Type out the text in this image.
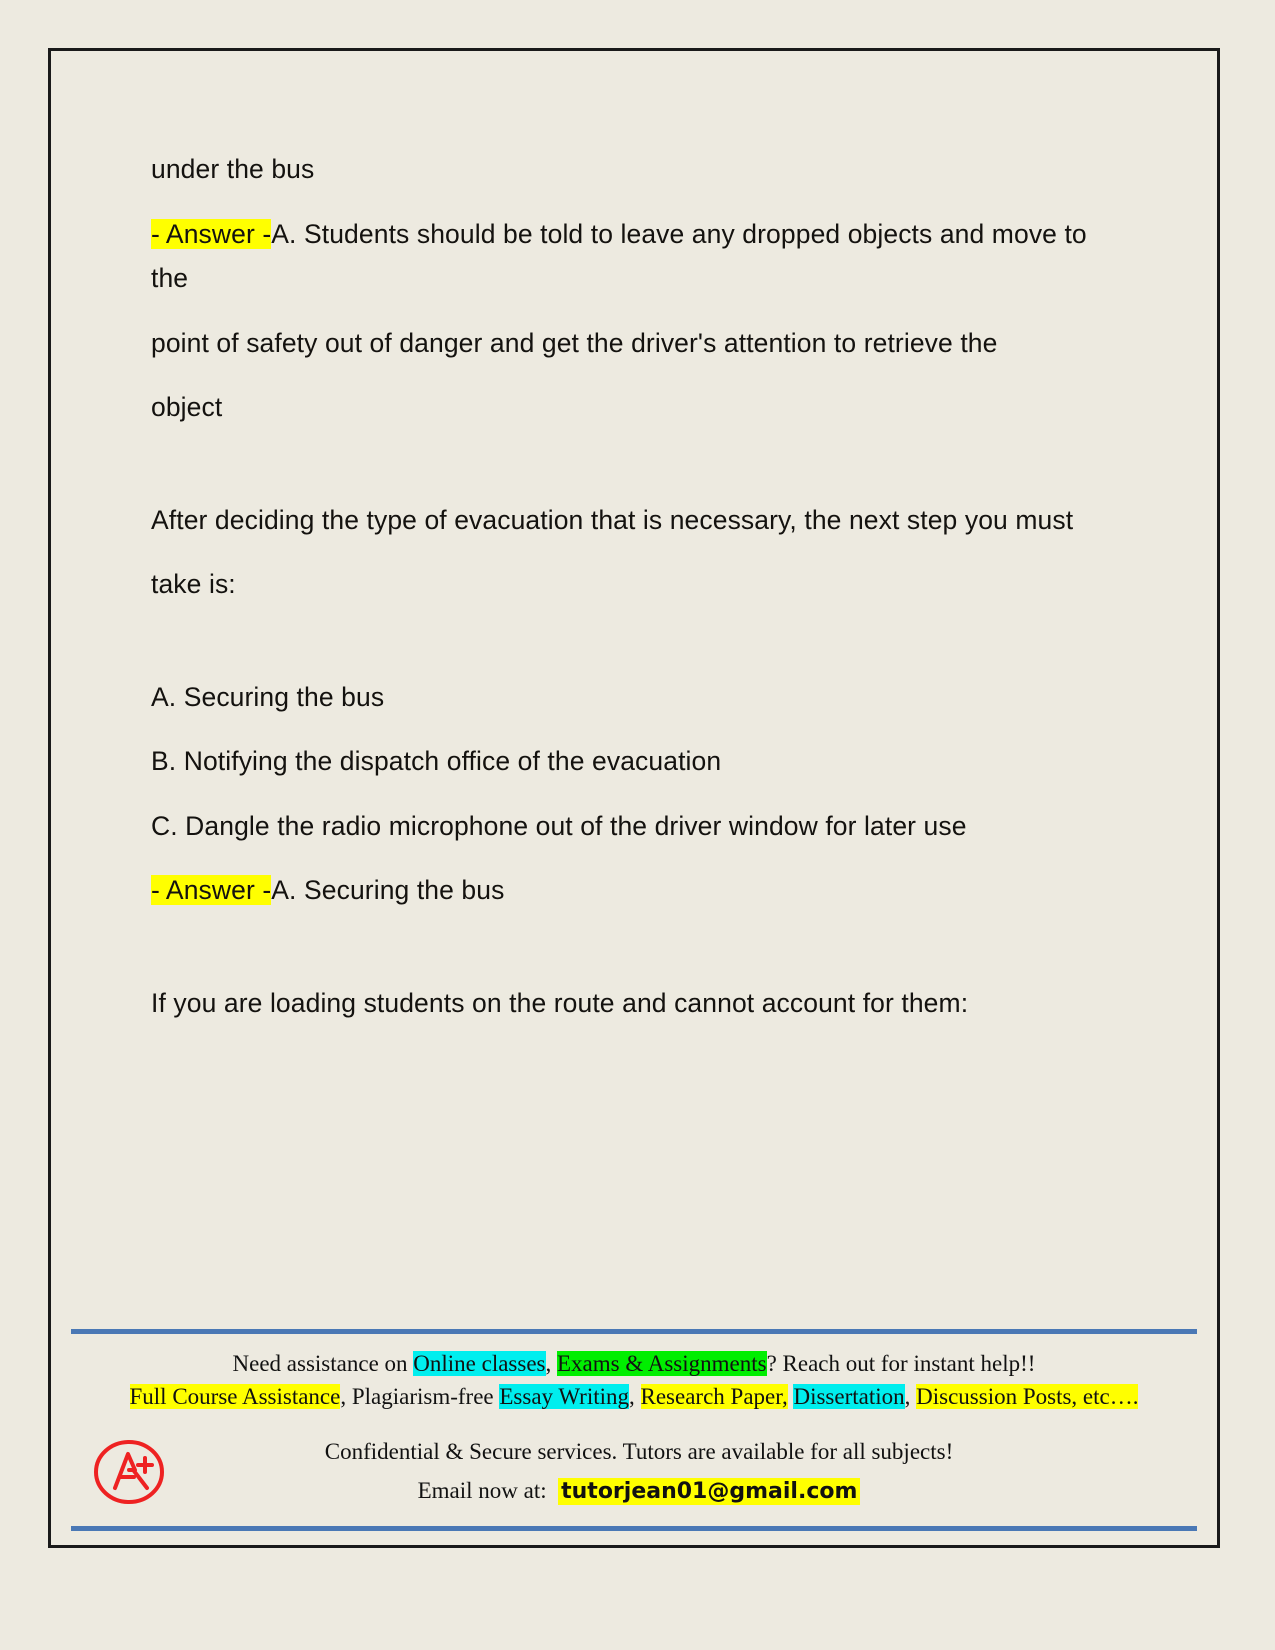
under the bus

- Answer -A. Students should be told to leave any dropped objects and move to the

point of safety out of danger and get the driver's attention to retrieve the

object

After deciding the type of evacuation that is necessary, the next step you must

take is:

A. Securing the bus

B. Notifying the dispatch office of the evacuation

C. Dangle the radio microphone out of the driver window for later use

- Answer -A. Securing the bus

If you are loading students on the route and cannot account for them:

Need assistance on Online classes, Exams & Assignments? Reach out for instant help!!
Full Course Assistance, Plagiarism-free Essay Writing, Research Paper, Dissertation, Discussion Posts, etc….
Confidential & Secure services. Tutors are available for all subjects!
Email now at: tutorjean01@gmail.com
